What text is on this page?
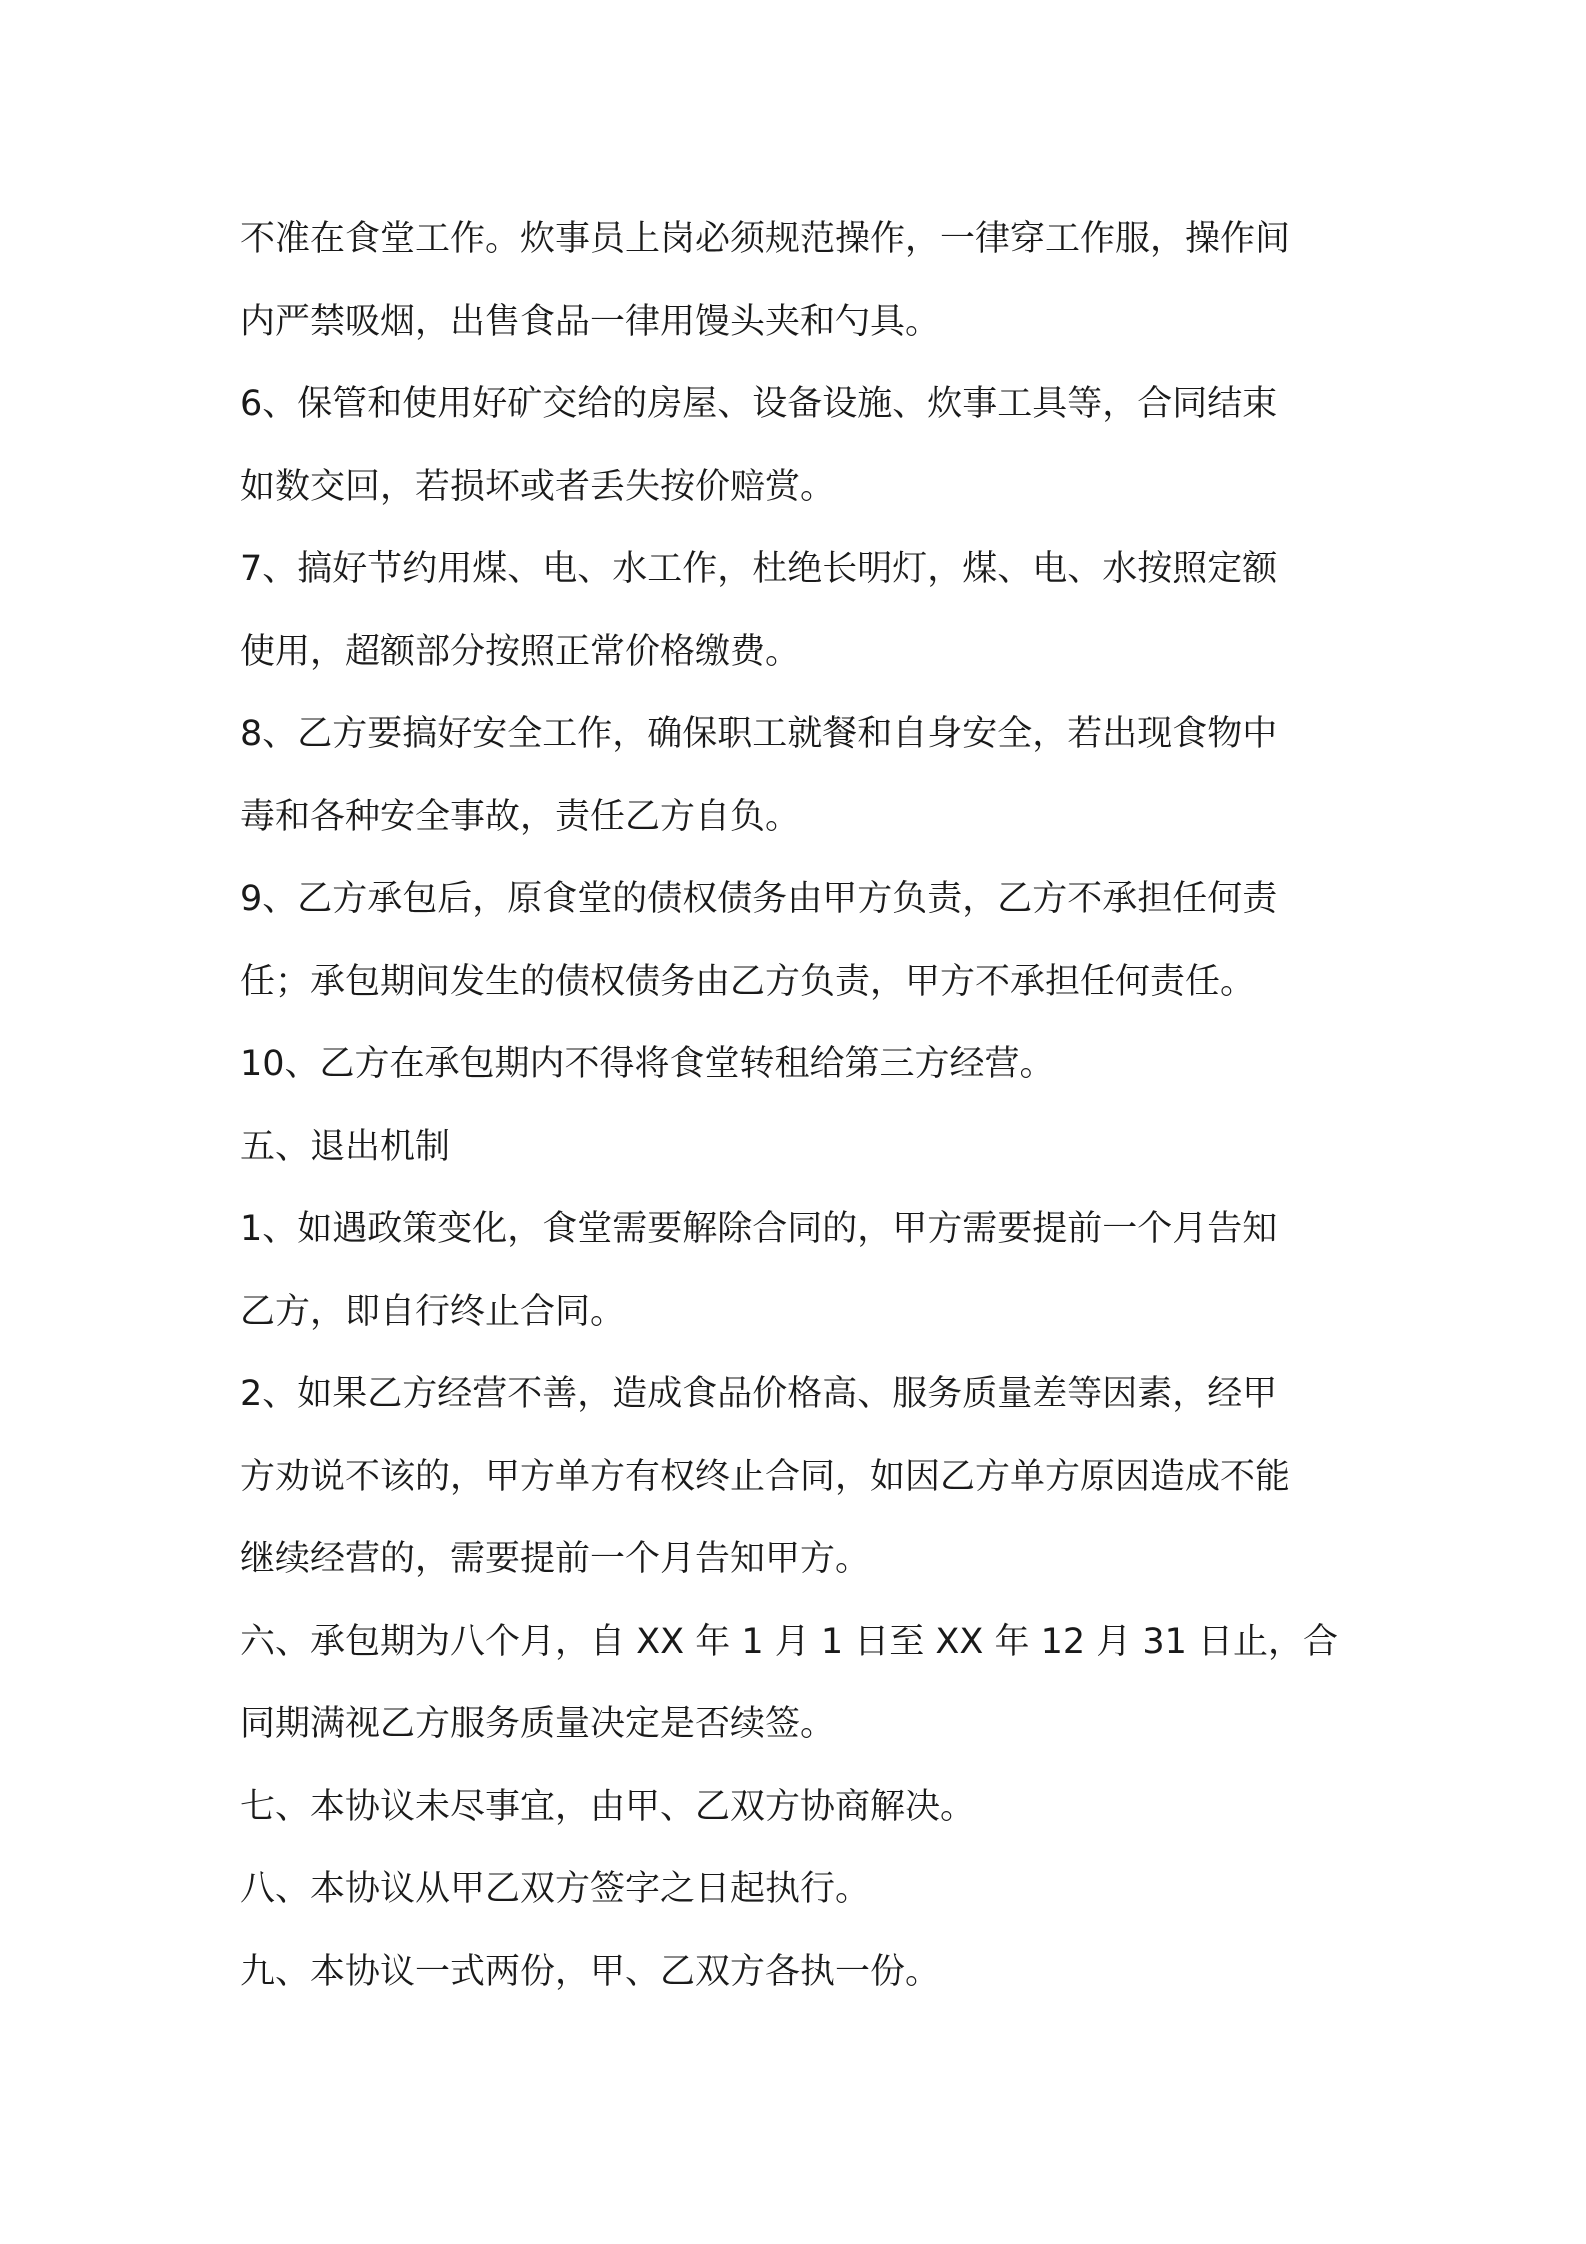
不准在食堂工作。炊事员上岗必须规范操作，一律穿工作服，操作间
内严禁吸烟，出售食品一律用馒头夹和勺具。
6、保管和使用好矿交给的房屋、设备设施、炊事工具等，合同结束
如数交回，若损坏或者丢失按价赔赏。
7、搞好节约用煤、电、水工作，杜绝长明灯，煤、电、水按照定额
使用，超额部分按照正常价格缴费。
8、乙方要搞好安全工作，确保职工就餐和自身安全，若出现食物中
毒和各种安全事故，责任乙方自负。
9、乙方承包后，原食堂的债权债务由甲方负责，乙方不承担任何责
任；承包期间发生的债权债务由乙方负责，甲方不承担任何责任。
10、乙方在承包期内不得将食堂转租给第三方经营。
五、退出机制
1、如遇政策变化，食堂需要解除合同的，甲方需要提前一个月告知
乙方，即自行终止合同。
2、如果乙方经营不善，造成食品价格高、服务质量差等因素，经甲
方劝说不该的，甲方单方有权终止合同，如因乙方单方原因造成不能
继续经营的，需要提前一个月告知甲方。
六、承包期为八个月，自 XX 年 1 月 1 日至 XX 年 12 月 31 日止，合
同期满视乙方服务质量决定是否续签。
七、本协议未尽事宜，由甲、乙双方协商解决。
八、本协议从甲乙双方签字之日起执行。
九、本协议一式两份，甲、乙双方各执一份。
